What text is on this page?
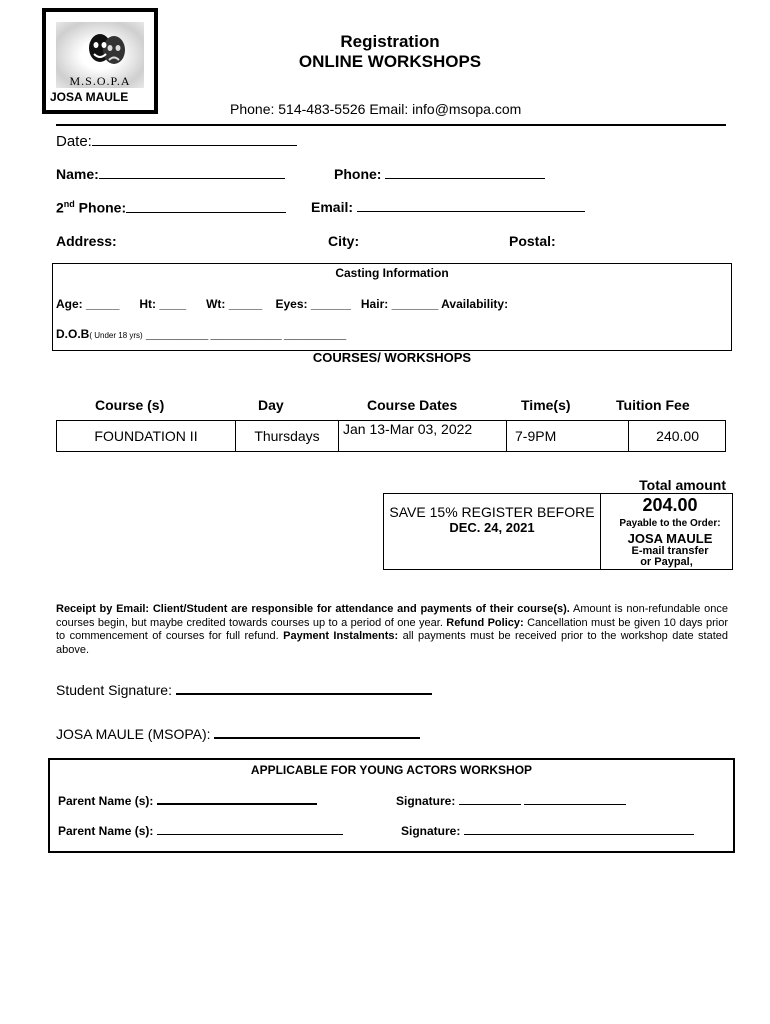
M.S.O.P.A
JOSA MAULE
Registration
ONLINE WORKSHOPS
Phone: 514-483-5526 Email: info@msopa.com
Date:
Name:	Phone:
2nd Phone:	Email:
Address:	City:	Postal:
Casting Information
Age: _____ Ht: ____ Wt: _____ Eyes: ______ Hair: _______ Availability:
D.O.B( Under 18 yrs) ______________ ________________ ______________
COURSES/ WORKSHOPS
Course (s)	Day	Course Dates	Time(s)	Tuition Fee
FOUNDATION II	Thursdays	Jan 13-Mar 03, 2022	7-9PM	240.00
Total amount
SAVE 15% REGISTER BEFORE
DEC. 24, 2021
204.00
Payable to the Order:
JOSA MAULE
E-mail transfer
or Paypal,
Receipt by Email: Client/Student are responsible for attendance and payments of their course(s). Amount is non-refundable once courses begin, but maybe credited towards courses up to a period of one year. Refund Policy: Cancellation must be given 10 days prior to commencement of courses for full refund. Payment Instalments: all payments must be received prior to the workshop date stated above.
Student Signature:
JOSA MAULE (MSOPA):
APPLICABLE FOR YOUNG ACTORS WORKSHOP
Parent Name (s):	Signature:
Parent Name (s):	Signature:
